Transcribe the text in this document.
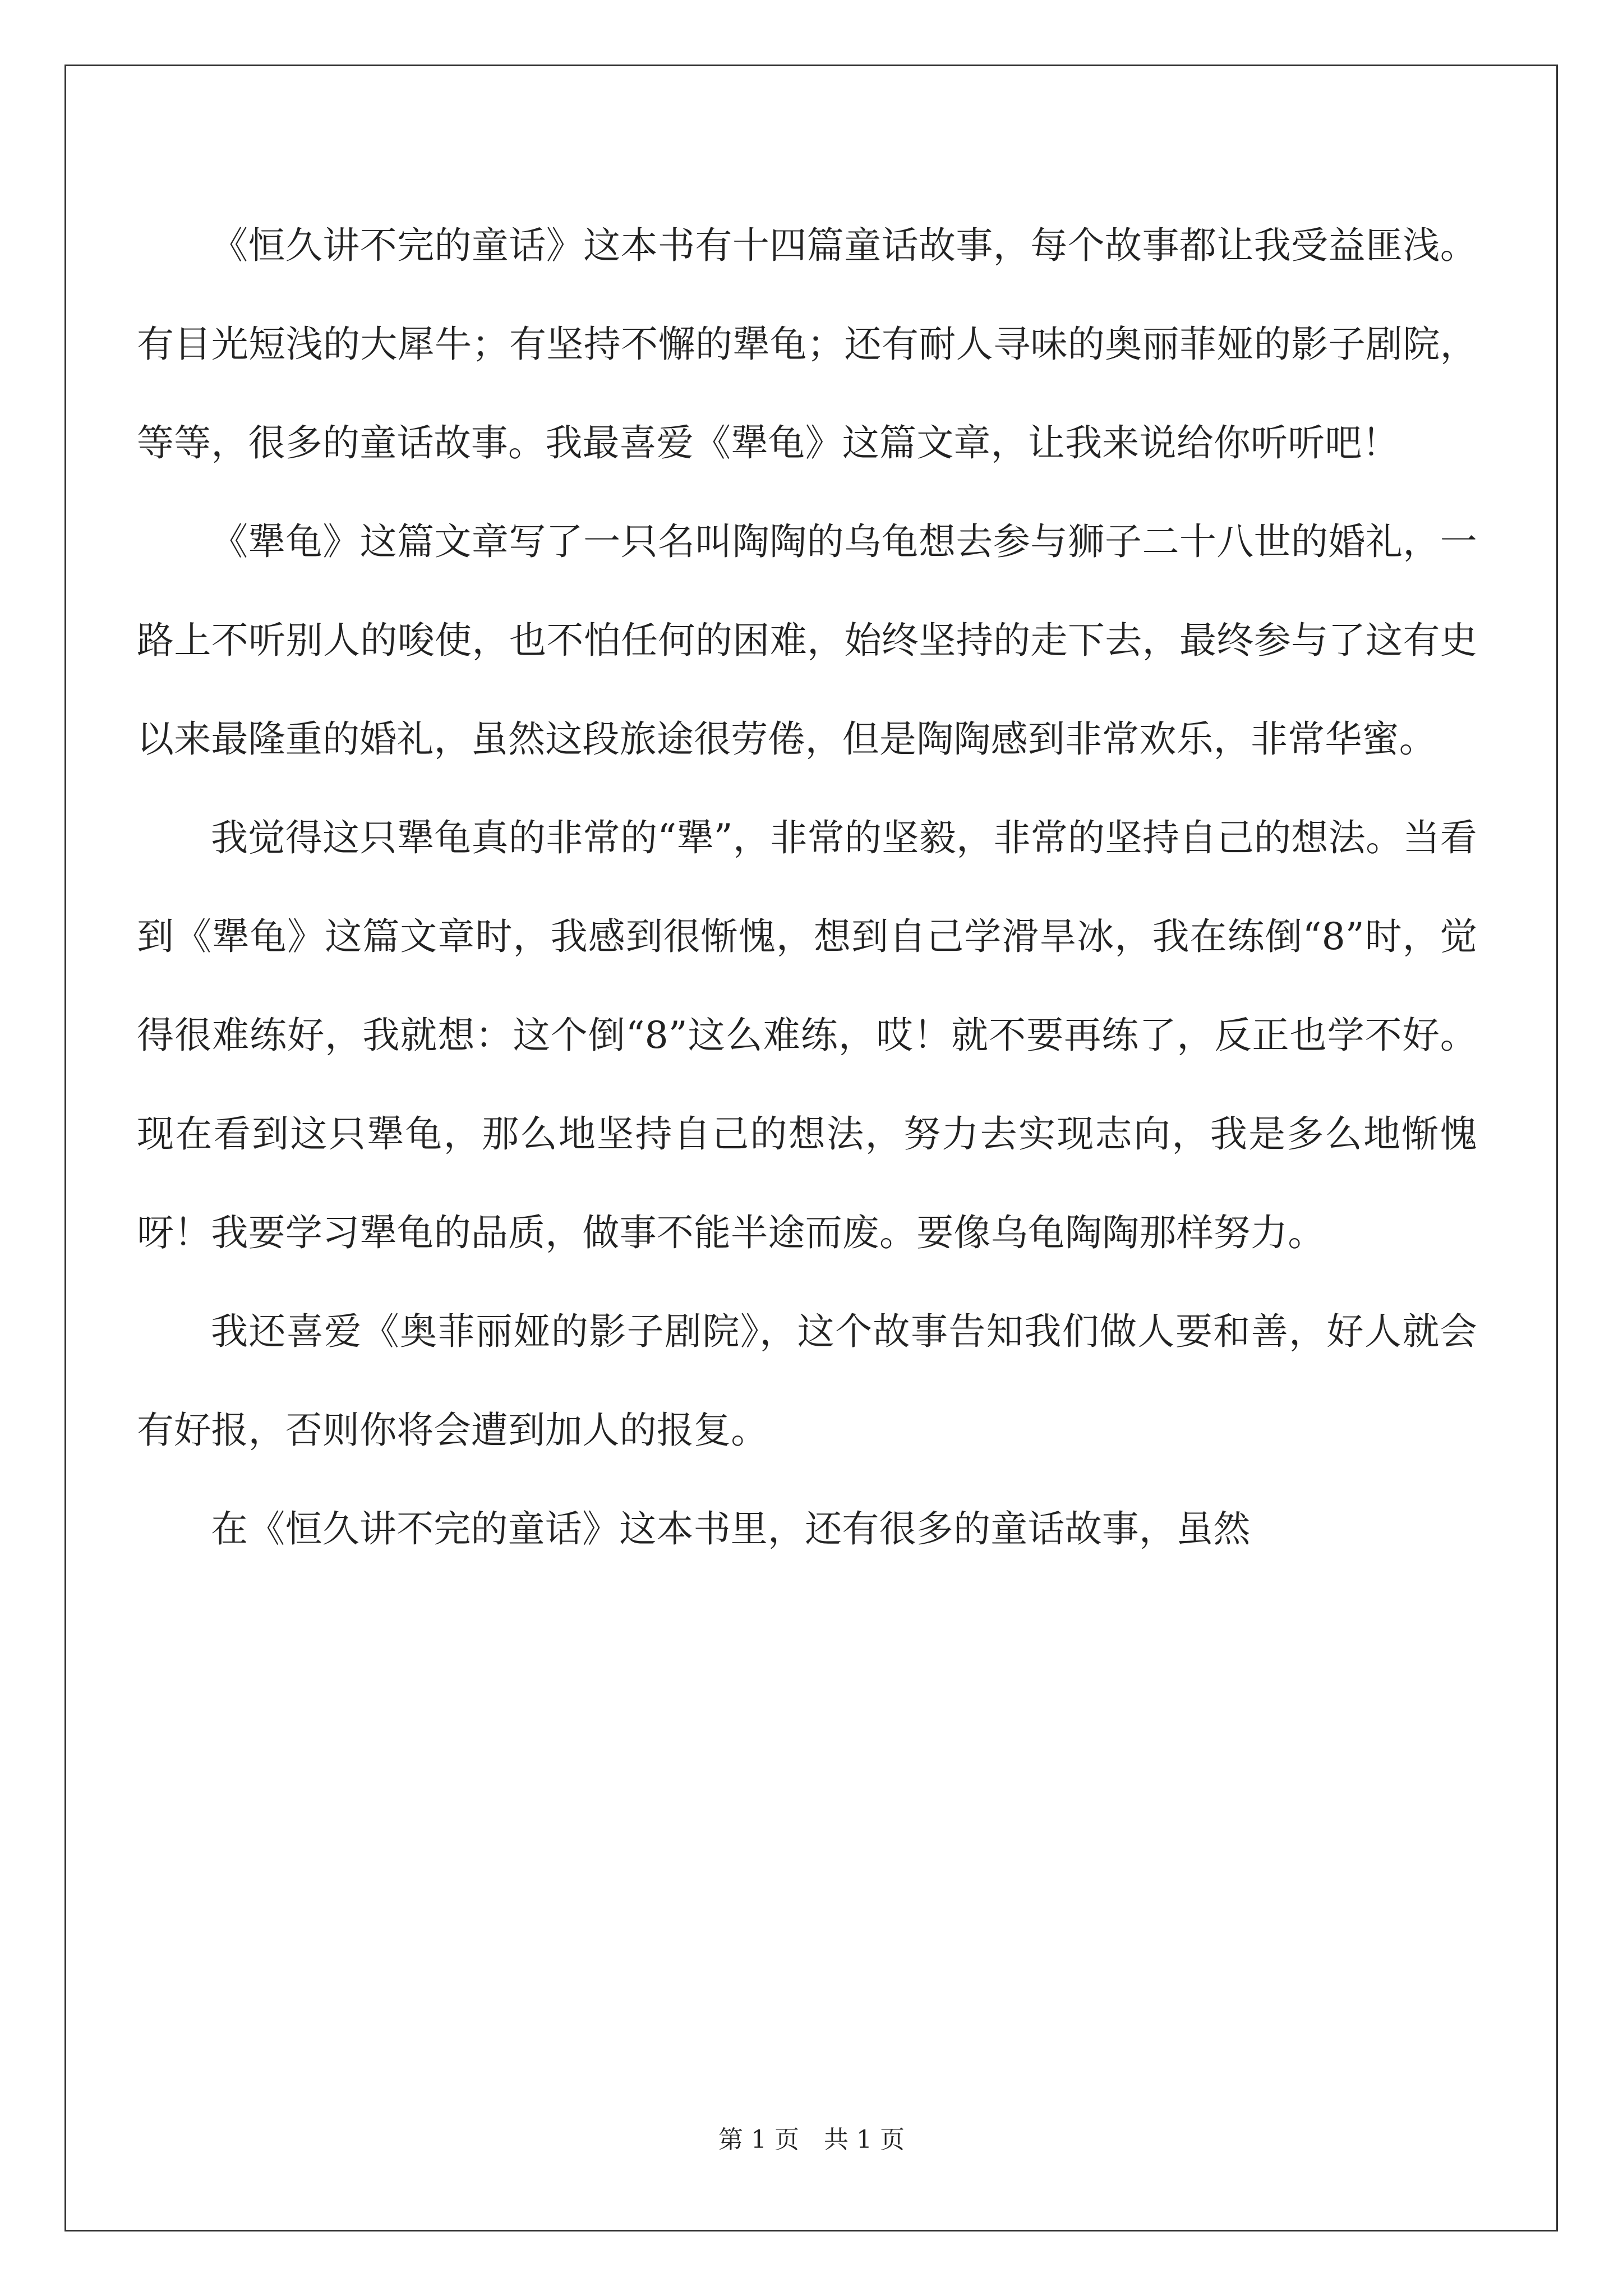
《恒久讲不完的童话》这本书有十四篇童话故事，每个故事都让我受益匪浅。有目光短浅的大犀牛；有坚持不懈的犟龟；还有耐人寻味的奥丽菲娅的影子剧院，等等，很多的童话故事。我最喜爱《犟龟》这篇文章，让我来说给你听听吧！

《犟龟》这篇文章写了一只名叫陶陶的乌龟想去参与狮子二十八世的婚礼，一路上不听别人的唆使，也不怕任何的困难，始终坚持的走下去，最终参与了这有史以来最隆重的婚礼，虽然这段旅途很劳倦，但是陶陶感到非常欢乐，非常华蜜。

我觉得这只犟龟真的非常的“犟”，非常的坚毅，非常的坚持自己的想法。当看到《犟龟》这篇文章时，我感到很惭愧，想到自己学滑旱冰，我在练倒“8”时，觉得很难练好，我就想：这个倒“8”这么难练，哎！就不要再练了，反正也学不好。现在看到这只犟龟，那么地坚持自己的想法，努力去实现志向，我是多么地惭愧呀！我要学习犟龟的品质，做事不能半途而废。要像乌龟陶陶那样努力。

我还喜爱《奥菲丽娅的影子剧院》，这个故事告知我们做人要和善，好人就会有好报，否则你将会遭到加人的报复。

在《恒久讲不完的童话》这本书里，还有很多的童话故事，虽然

第 1 页　共 1 页
